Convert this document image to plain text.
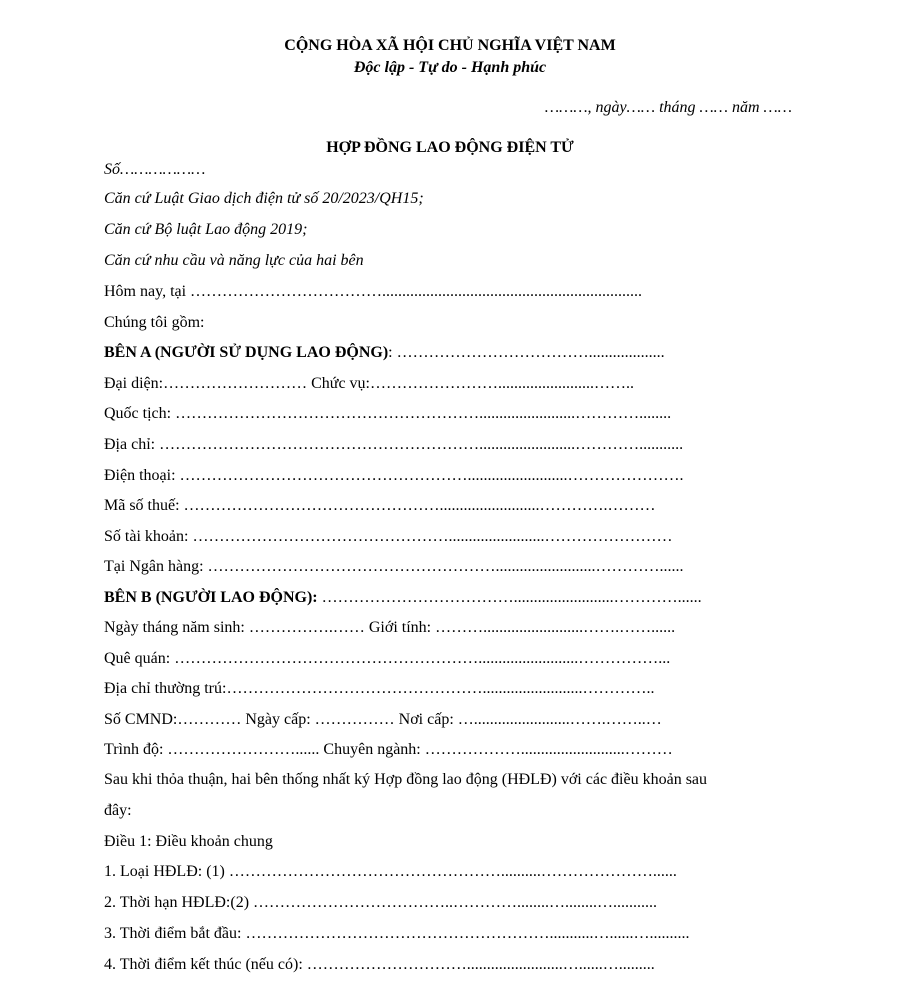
CỘNG HÒA XÃ HỘI CHỦ NGHĨA VIỆT NAM
Độc lập - Tự do - Hạnh phúc
………, ngày…… tháng …… năm ……
HỢP ĐỒNG LAO ĐỘNG ĐIỆN TỬ
Số………………
Căn cứ Luật Giao dịch điện tử số 20/2023/QH15;
Căn cứ Bộ luật Lao động 2019;
Căn cứ nhu cầu và năng lực của hai bên
Hôm nay, tại ……………………………….................................................................
Chúng tôi gồm:
BÊN A (NGƯỜI SỬ DỤNG LAO ĐỘNG): ………………………………...................
Đại diện:……………………… Chức vụ:……………………........................……..
Quốc tịch: …………………………………………………........................…………........
Địa chỉ: ……………………………………………………........................…………...........
Điện thoại: ……………………………………………….........................………………….
Mã số thuế: ………………………………………….........................………….………
Số tài khoản: …………………………………………........................……………………
Tại Ngân hàng: ……………………………………………….........................…………......
BÊN B (NGƯỜI LAO ĐỘNG): ……………………………….........................…………......
Ngày tháng năm sinh: …………….…… Giới tính: ……….........................…….……......
Quê quán: ………………………………………………….........................……………...
Địa chỉ thường trú:………………………………………….........................…………..
Số CMND:………… Ngày cấp: …………… Nơi cấp: …........................…….……..…
Trình độ: ……………………...... Chuyên ngành: ………………..........................………
Sau khi thỏa thuận, hai bên thống nhất ký Hợp đồng lao động (HĐLĐ) với các điều khoản sau
đây:
Điều 1: Điều khoản chung
1. Loại HĐLĐ: (1) ……………………………………………..........…………………......
2. Thời hạn HĐLĐ:(2) ………………………………..…………........…........…...........
3. Thời điểm bắt đầu: …………………………………………………...........…......…..........
4. Thời điểm kết thúc (nếu có): …………………………........................…......….........
